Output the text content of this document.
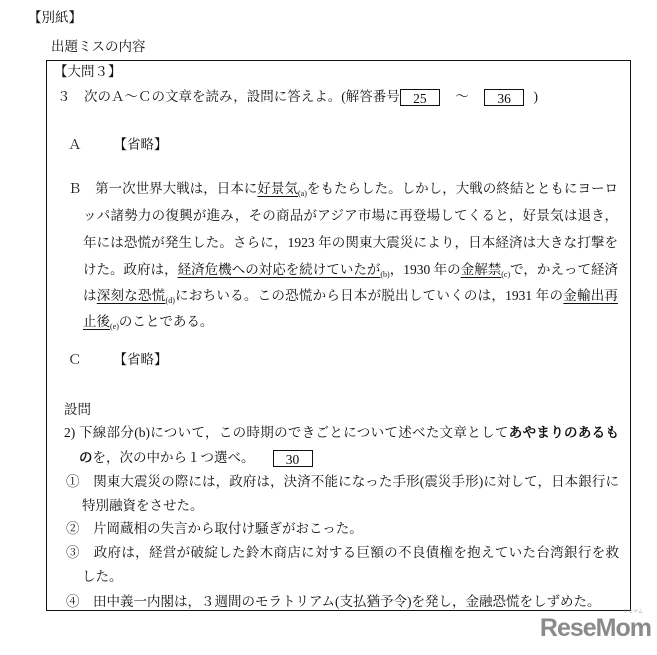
【別紙】
出題ミスの内容
【大問３】
３　次のＡ～Ｃの文章を読み，設問に答えよ。(解答番号 25 ～ 36 )
Ａ 【省略】
Ｂ　 第一次世界大戦は，日本に好景気$_{(a)}$をもたらした。しかし，大戦の終結とともにヨーロ
ッパ諸勢力の復興が進み，その商品がアジア市場に再登場してくると，好景気は退き，
年には恐慌が発生した。さらに，1923 年の関東大震災により，日本経済は大きな打撃を
けた。政府は，経済危機への対応を続けていたが$_{(b)}$，1930 年の金解禁$_{(c)}$で，かえって経済
は深刻な恐慌$_{(d)}$におちいる。この恐慌から日本が脱出していくのは，1931 年の金輸出再
止後$_{(e)}$のことである。
Ｃ 【省略】
設問
2) 下線部分(b)について，この時期のできごとについて述べた文章としてあやまりのあるも
のを，次の中から１つ選べ。 30
①　 関東大震災の際には，政府は，決済不能になった手形(震災手形)に対して，日本銀行に
特別融資をさせた。
②　 片岡蔵相の失言から取付け騒ぎがおこった。
③　 政府は，経営が破綻した鈴木商店に対する巨額の不良債権を抱えていた台湾銀行を救
した。
④　 田中義一内閣は，３週間のモラトリアム(支払猶予令)を発し，金融恐慌をしずめた。
リセマム
ReseMom
